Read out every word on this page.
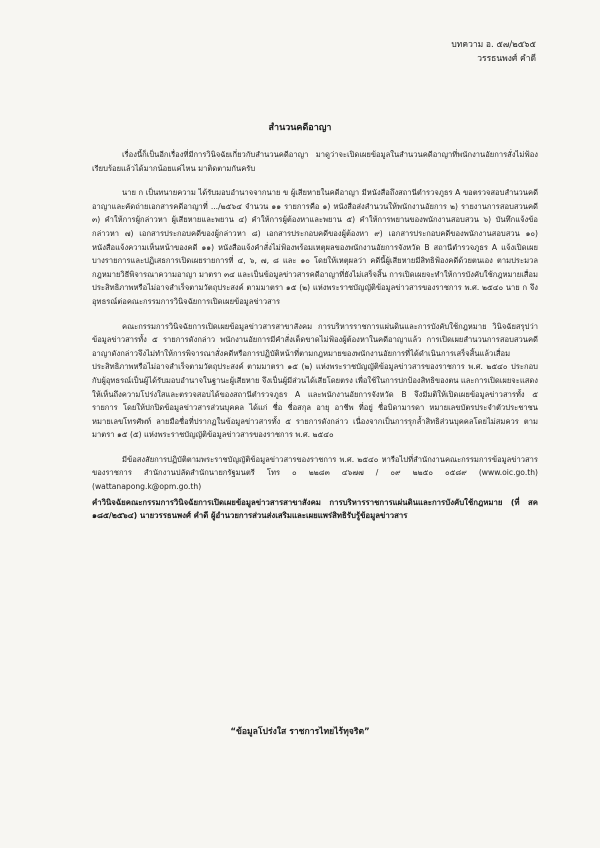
บทความ อ. ๕๗/๒๕๖๕
วรรธนพงศ์ คำดี
สำนวนคดีอาญา

เรื่องนี้ก็เป็นอีกเรื่องที่มีการวินิจฉัยเกี่ยวกับสำนวนคดีอาญา มาดูว่าจะเปิดเผยข้อมูลในสำนวนคดีอาญาที่พนักงานอัยการสั่งไม่ฟ้องเรียบร้อยแล้วได้มากน้อยแค่ไหน มาติดตามกันครับ

นาย ก เป็นทนายความ ได้รับมอบอำนาจจากนาย ข ผู้เสียหายในคดีอาญา มีหนังสือถึงสถานีตำรวจภูธร A ขอตรวจสอบสำนวนคดีอาญาและคัดถ่ายเอกสารคดีอาญาที่ .../๒๕๖๔ จำนวน ๑๑ รายการคือ ๑) หนังสือส่งสำนวนให้พนักงานอัยการ ๒) รายงานการสอบสวนคดี ๓) คำให้การผู้กล่าวหา ผู้เสียหายและพยาน ๔) คำให้การผู้ต้องหาและพยาน ๕) คำให้การพยานของพนักงานสอบสวน ๖) บันทึกแจ้งข้อกล่าวหา ๗) เอกสารประกอบคดีของผู้กล่าวหา ๘) เอกสารประกอบคดีของผู้ต้องหา ๙) เอกสารประกอบคดีของพนักงานสอบสวน ๑๐) หนังสือแจ้งความเห็นหน้าของคดี ๑๑) หนังสือแจ้งคำสั่งไม่ฟ้องพร้อมเหตุผลของพนักงานอัยการจังหวัด B สถานีตำรวจภูธร A แจ้งเปิดเผยบางรายการและปฏิเสธการเปิดเผยรายการที่ ๔, ๖, ๗, ๘ และ ๑๐ โดยให้เหตุผลว่า คดีนี้ผู้เสียหายมีสิทธิฟ้องคดีด้วยตนเอง ตามประมวลกฎหมายวิธีพิจารณาความอาญา มาตรา ๓๔ และเป็นข้อมูลข่าวสารคดีอาญาที่ยังไม่เสร็จสิ้น การเปิดเผยจะทำให้การบังคับใช้กฎหมายเสื่อมประสิทธิภาพหรือไม่อาจสำเร็จตามวัตถุประสงค์ ตามมาตรา ๑๕ (๒) แห่งพระราชบัญญัติข้อมูลข่าวสารของราชการ พ.ศ. ๒๕๔๐ นาย ก จึงอุทธรณ์ต่อคณะกรรมการวินิจฉัยการเปิดเผยข้อมูลข่าวสาร

คณะกรรมการวินิจฉัยการเปิดเผยข้อมูลข่าวสารสาขาสังคม การบริหารราชการแผ่นดินและการบังคับใช้กฎหมาย วินิจฉัยสรุปว่า ข้อมูลข่าวสารทั้ง ๕ รายการดังกล่าว พนักงานอัยการมีคำสั่งเด็ดขาดไม่ฟ้องผู้ต้องหาในคดีอาญาแล้ว การเปิดเผยสำนวนการสอบสวนคดีอาญาดังกล่าวจึงไม่ทำให้การพิจารณาสั่งคดีหรือการปฏิบัติหน้าที่ตามกฎหมายของพนักงานอัยการที่ได้ดำเนินการเสร็จสิ้นแล้วเสื่อมประสิทธิภาพหรือไม่อาจสำเร็จตามวัตถุประสงค์ ตามมาตรา ๑๕ (๒) แห่งพระราชบัญญัติข้อมูลข่าวสารของราชการ พ.ศ. ๒๕๔๐ ประกอบกับผู้อุทธรณ์เป็นผู้ได้รับมอบอำนาจในฐานะผู้เสียหาย จึงเป็นผู้มีส่วนได้เสียโดยตรง เพื่อใช้ในการปกป้องสิทธิของตน และการเปิดเผยจะแสดงให้เห็นถึงความโปร่งใสและตรวจสอบได้ของสถานีตำรวจภูธร A และพนักงานอัยการจังหวัด B จึงมีมติให้เปิดเผยข้อมูลข่าวสารทั้ง ๕ รายการ โดยให้ปกปิดข้อมูลข่าวสารส่วนบุคคล ได้แก่ ชื่อ ชื่อสกุล อายุ อาชีพ ที่อยู่ ชื่อบิดามารดา หมายเลขบัตรประจำตัวประชาชน หมายเลขโทรศัพท์ ลายมือชื่อที่ปรากฏในข้อมูลข่าวสารทั้ง ๕ รายการดังกล่าว เนื่องจากเป็นการรุกล้ำสิทธิส่วนบุคคลโดยไม่สมควร ตามมาตรา ๑๕ (๕) แห่งพระราชบัญญัติข้อมูลข่าวสารของราชการ พ.ศ. ๒๕๔๐

มีข้อสงสัยการปฏิบัติตามพระราชบัญญัติข้อมูลข่าวสารของราชการ พ.ศ. ๒๕๔๐ หารือไปที่สำนักงานคณะกรรมการข้อมูลข่าวสารของราชการ สำนักงานปลัดสำนักนายกรัฐมนตรี โทร ๐ ๒๒๘๓ ๔๖๗๗ / ๐๙ ๒๒๕๐ ๐๕๘๙ (www.oic.go.th) (wattanapong.k@opm.go.th)

คำวินิจฉัยคณะกรรมการวินิจฉัยการเปิดเผยข้อมูลข่าวสารสาขาสังคม การบริหารราชการแผ่นดินและการบังคับใช้กฎหมาย (ที่ สค ๑๘๕/๒๕๖๔) นายวรรธนพงศ์ คำดี ผู้อำนวยการส่วนส่งเสริมและเผยแพร่สิทธิรับรู้ข้อมูลข่าวสาร

“ข้อมูลโปร่งใส ราชการไทยไร้ทุจริต”
